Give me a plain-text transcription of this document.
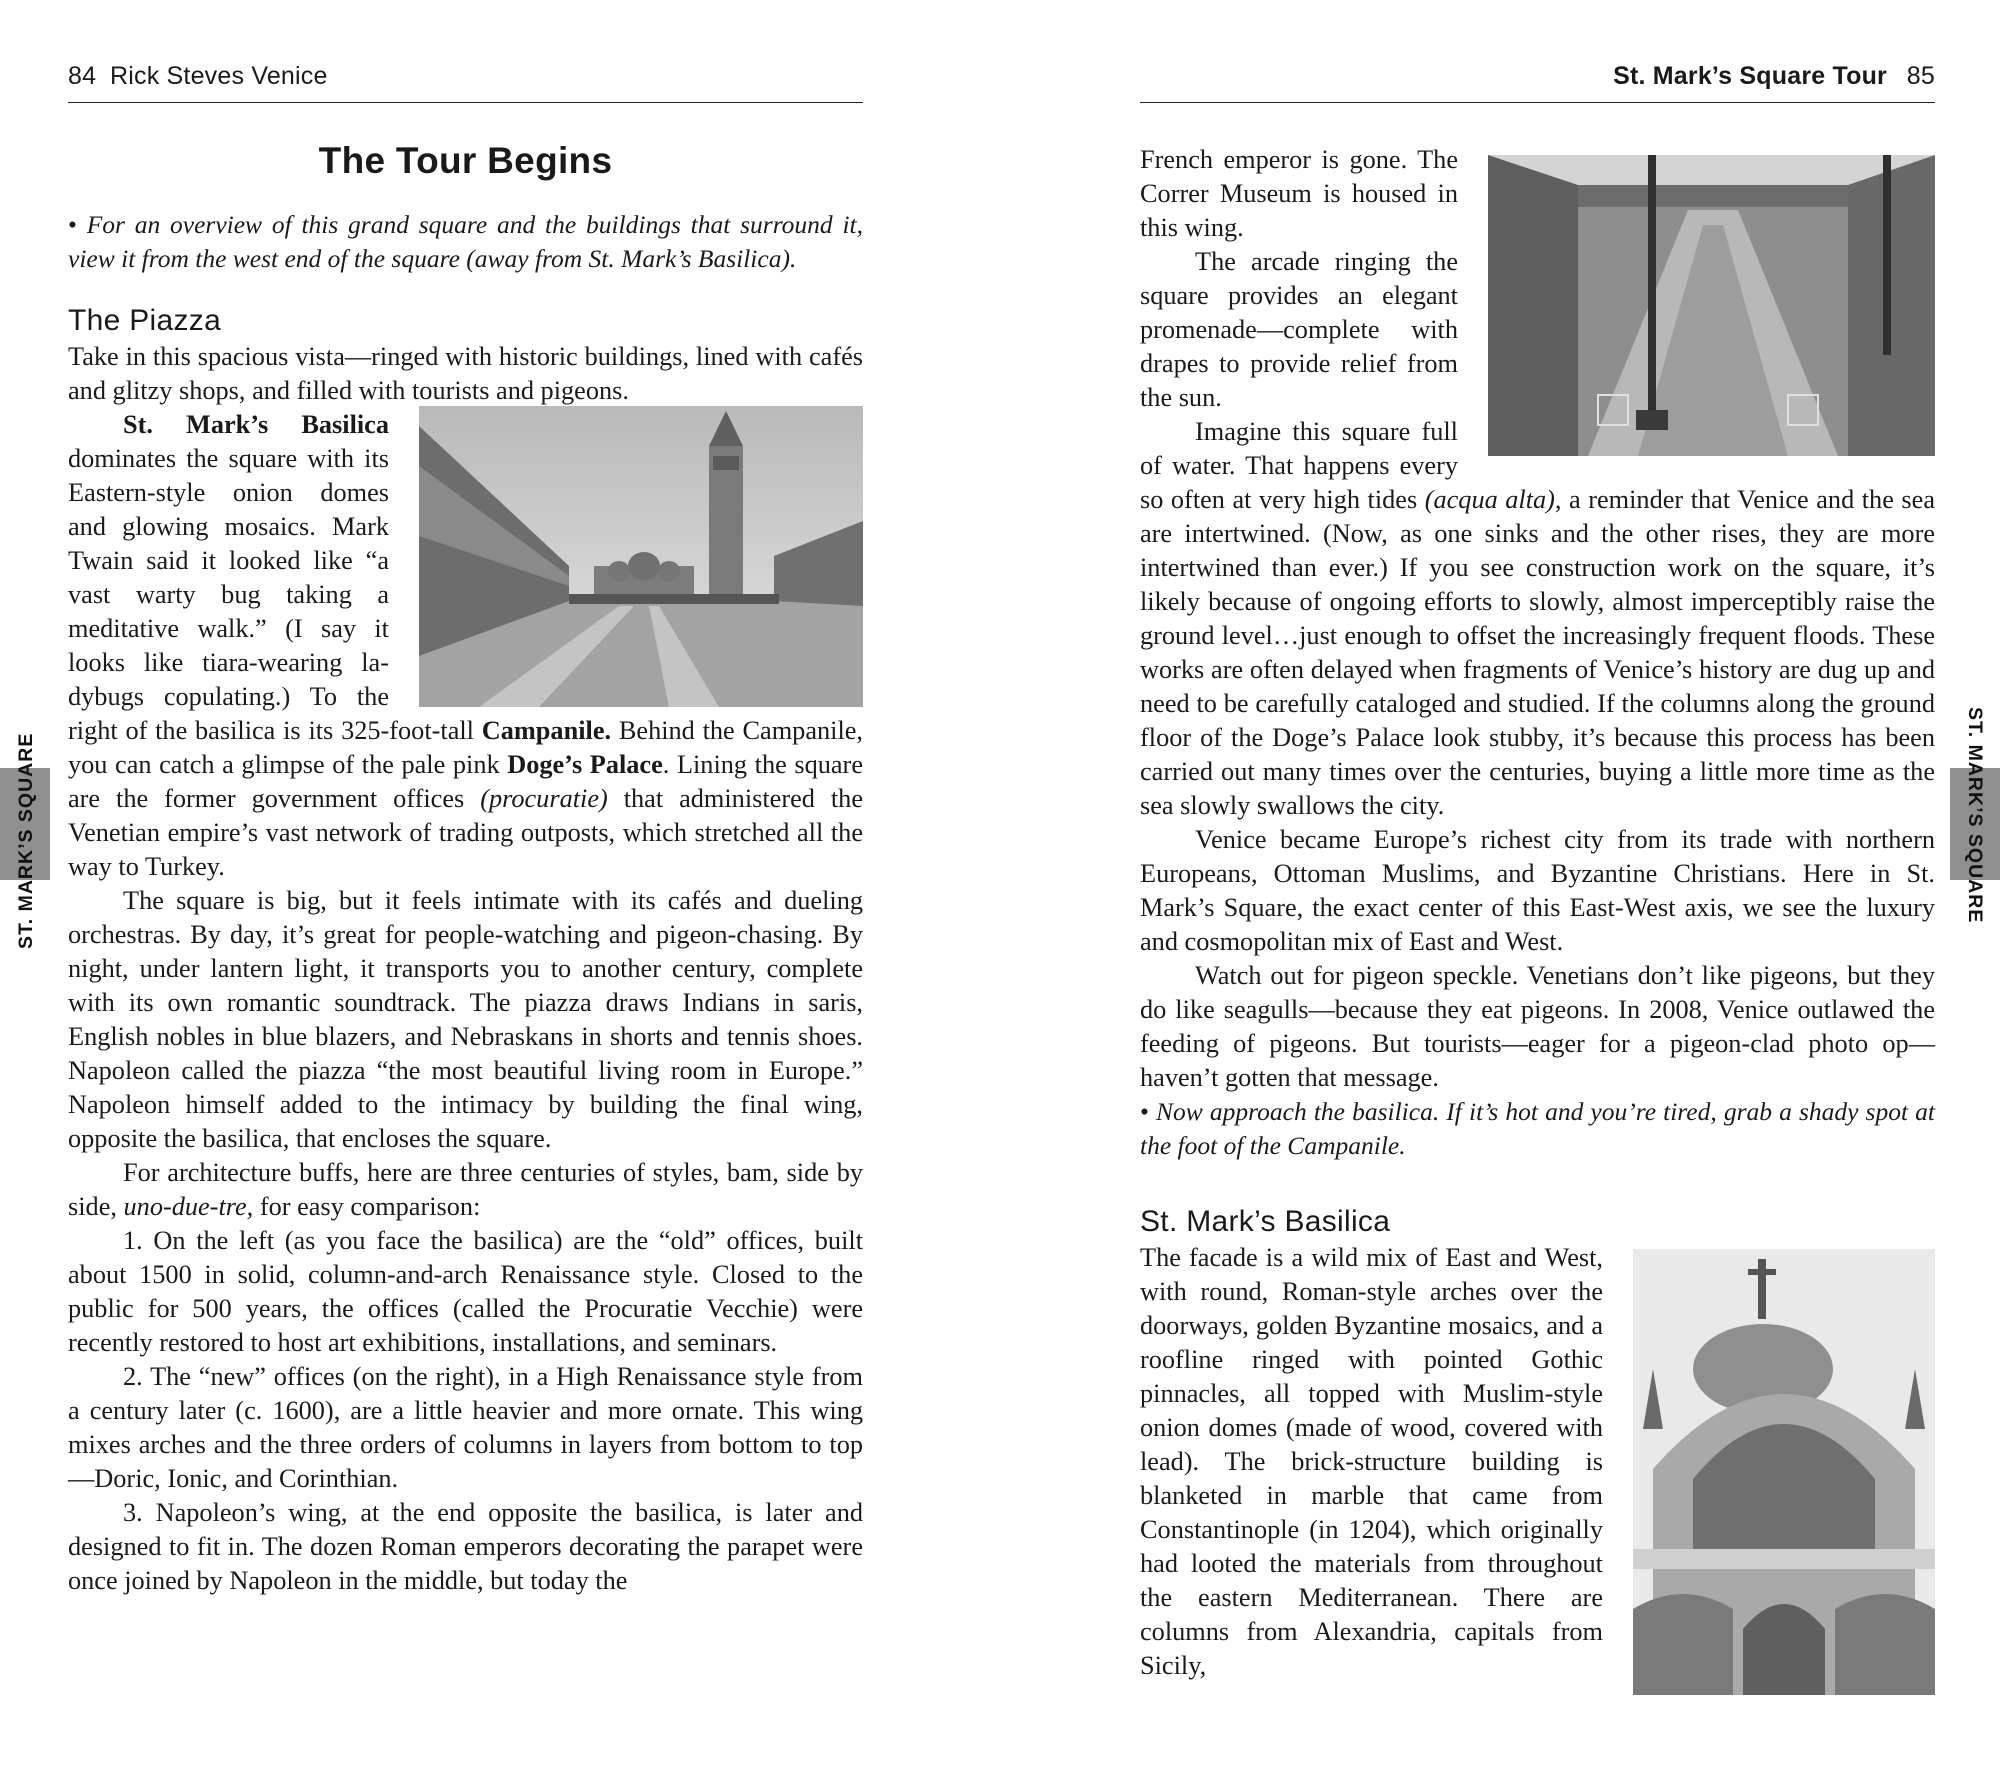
84 Rick Steves Venice
The Tour Begins

• For an overview of this grand square and the buildings that surround it, view it from the west end of the square (away from St. Mark’s Basilica).

The Piazza

Take in this spacious vista—ringed with historic buildings, lined with cafés and glitzy shops, and filled with tourists and pigeons.

St. Mark’s Basilica dominates the square with its Eastern-style onion domes and glowing mosaics. Mark Twain said it looked like “a vast warty bug taking a meditative walk.” (I say it looks like tiara-wearing ladybugs copulating.) To the right of the basilica is its 325-foot-tall Campanile. Behind the Campanile, you can catch a glimpse of the pale pink Doge’s Palace. Lining the square are the former government offices (procuratie) that administered the Venetian empire’s vast network of trading outposts, which stretched all the way to Turkey.

The square is big, but it feels intimate with its cafés and dueling orchestras. By day, it’s great for people-watching and pigeon-chasing. By night, under lantern light, it transports you to another century, complete with its own romantic soundtrack. The piazza draws Indians in saris, English nobles in blue blazers, and Nebraskans in shorts and tennis shoes. Napoleon called the piazza “the most beautiful living room in Europe.” Napoleon himself added to the intimacy by building the final wing, opposite the basilica, that encloses the square.

For architecture buffs, here are three centuries of styles, bam, side by side, uno-due-tre, for easy comparison:

1. On the left (as you face the basilica) are the “old” offices, built about 1500 in solid, column-and-arch Renaissance style. Closed to the public for 500 years, the offices (called the Procuratie Vecchie) were recently restored to host art exhibitions, installations, and seminars.

2. The “new” offices (on the right), in a High Renaissance style from a century later (c. 1600), are a little heavier and more ornate. This wing mixes arches and the three orders of columns in layers from bottom to top—Doric, Ionic, and Corinthian.

3. Napoleon’s wing, at the end opposite the basilica, is later and designed to fit in. The dozen Roman emperors decorating the parapet were once joined by Napoleon in the middle, but today the

ST. MARK’S SQUARE
St. Mark’s Square Tour 85

French emperor is gone. The Correr Museum is housed in this wing.

The arcade ringing the square provides an elegant promenade—complete with drapes to provide relief from the sun.

Imagine this square full of water. That happens every so often at very high tides (acqua alta), a reminder that Venice and the sea are intertwined. (Now, as one sinks and the other rises, they are more intertwined than ever.) If you see construction work on the square, it’s likely because of ongoing efforts to slowly, almost imperceptibly raise the ground level…just enough to offset the increasingly frequent floods. These works are often delayed when fragments of Venice’s history are dug up and need to be carefully cataloged and studied. If the columns along the ground floor of the Doge’s Palace look stubby, it’s because this process has been carried out many times over the centuries, buying a little more time as the sea slowly swallows the city.

Venice became Europe’s richest city from its trade with northern Europeans, Ottoman Muslims, and Byzantine Christians. Here in St. Mark’s Square, the exact center of this East-West axis, we see the luxury and cosmopolitan mix of East and West.

Watch out for pigeon speckle. Venetians don’t like pigeons, but they do like seagulls—because they eat pigeons. In 2008, Venice outlawed the feeding of pigeons. But tourists—eager for a pigeon-clad photo op—haven’t gotten that message.

• Now approach the basilica. If it’s hot and you’re tired, grab a shady spot at the foot of the Campanile.

St. Mark’s Basilica

The facade is a wild mix of East and West, with round, Roman-style arches over the doorways, golden Byzantine mosaics, and a roofline ringed with pointed Gothic pinnacles, all topped with Muslim-style onion domes (made of wood, covered with lead). The brick-structure building is blanketed in marble that came from Constantinople (in 1204), which originally had looted the materials from throughout the eastern Mediterranean. There are columns from Alexandria, capitals from Sicily,

ST. MARK’S SQUARE
